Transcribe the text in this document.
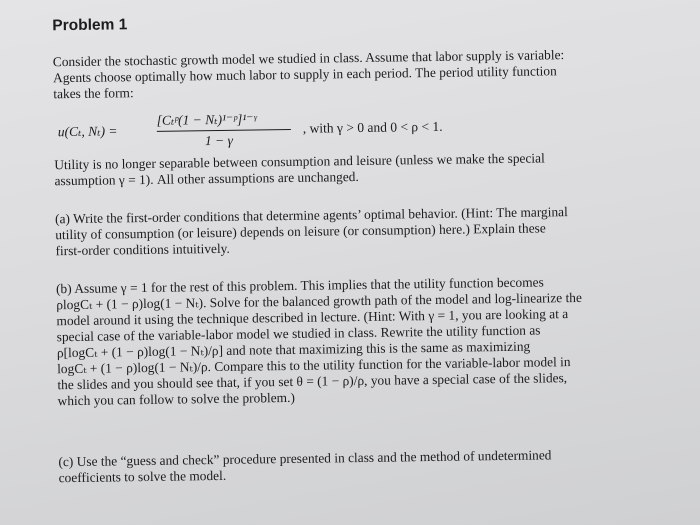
Problem 1
Consider the stochastic growth model we studied in class. Assume that labor supply is variable:
Agents choose optimally how much labor to supply in each period. The period utility function
takes the form:
u(Cₜ, Nₜ) =
[Cₜᵖ(1 − Nₜ)¹⁻ᵖ]¹⁻ᵞ
1 − γ
, with γ > 0 and 0 < ρ < 1.
Utility is no longer separable between consumption and leisure (unless we make the special
assumption γ = 1). All other assumptions are unchanged.
(a) Write the first-order conditions that determine agents’ optimal behavior. (Hint: The marginal
utility of consumption (or leisure) depends on leisure (or consumption) here.) Explain these
first-order conditions intuitively.
(b) Assume γ = 1 for the rest of this problem. This implies that the utility function becomes
ρlogCₜ + (1 − ρ)log(1 − Nₜ). Solve for the balanced growth path of the model and log-linearize the
model around it using the technique described in lecture. (Hint: With γ = 1, you are looking at a
special case of the variable-labor model we studied in class. Rewrite the utility function as
ρ[logCₜ + (1 − ρ)log(1 − Nₜ)/ρ] and note that maximizing this is the same as maximizing
logCₜ + (1 − ρ)log(1 − Nₜ)/ρ. Compare this to the utility function for the variable-labor model in
the slides and you should see that, if you set θ = (1 − ρ)/ρ, you have a special case of the slides,
which you can follow to solve the problem.)
(c) Use the “guess and check” procedure presented in class and the method of undetermined
coefficients to solve the model.
